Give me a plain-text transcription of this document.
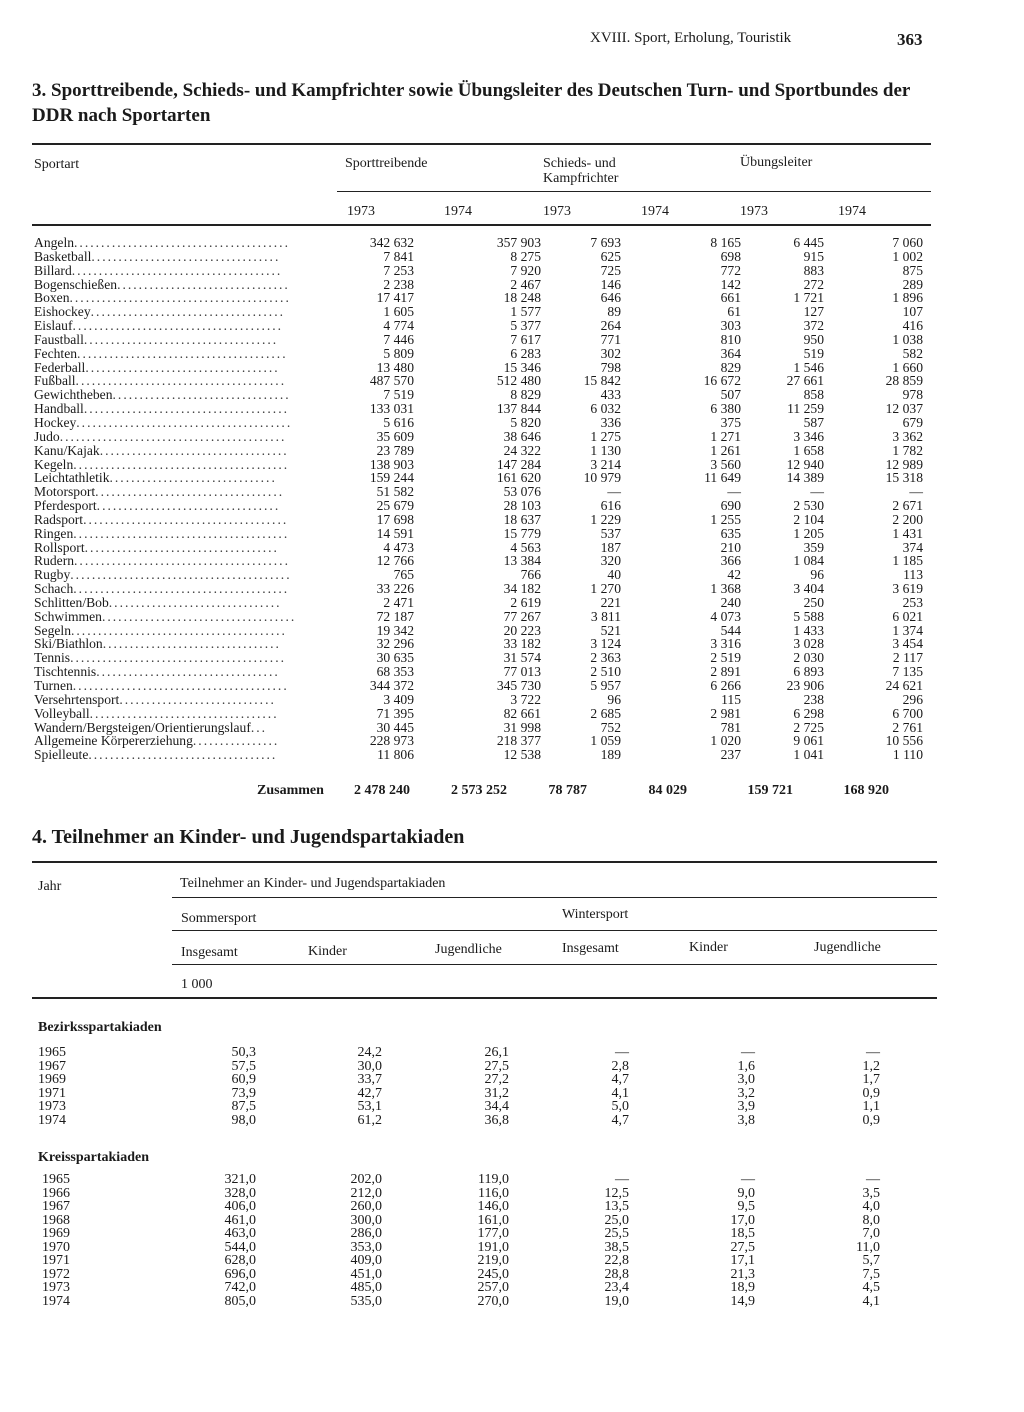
XVIII. Sport, Erholung, Touristik	363
3. Sporttreibende, Schieds- und Kampfrichter sowie Übungsleiter des Deutschen Turn- und Sportbundes der DDR nach Sportarten
Sportart	Sporttreibende	Schieds- und
Kampfrichter
Übungsleiter
1973	1974	1973	1974	1973	1974
Angeln........................................	342 632	357 903	7 693	8 165	6 445	7 060
Basketball...................................	7 841	8 275	625	698	915	1 002
Billard.......................................	7 253	7 920	725	772	883	875
Bogenschießen................................	2 238	2 467	146	142	272	289
Boxen.........................................	17 417	18 248	646	661	1 721	1 896
Eishockey....................................	1 605	1 577	89	61	127	107
Eislauf.......................................	4 774	5 377	264	303	372	416
Faustball....................................	7 446	7 617	771	810	950	1 038
Fechten.......................................	5 809	6 283	302	364	519	582
Federball....................................	13 480	15 346	798	829	1 546	1 660
Fußball.......................................	487 570	512 480	15 842	16 672	27 661	28 859
Gewichtheben.................................	7 519	8 829	433	507	858	978
Handball......................................	133 031	137 844	6 032	6 380	11 259	12 037
Hockey........................................	5 616	5 820	336	375	587	679
Judo..........................................	35 609	38 646	1 275	1 271	3 346	3 362
Kanu/Kajak...................................	23 789	24 322	1 130	1 261	1 658	1 782
Kegeln........................................	138 903	147 284	3 214	3 560	12 940	12 989
Leichtathletik...............................	159 244	161 620	10 979	11 649	14 389	15 318
Motorsport...................................	51 582	53 076	—	—	—	—
Pferdesport..................................	25 679	28 103	616	690	2 530	2 671
Radsport......................................	17 698	18 637	1 229	1 255	2 104	2 200
Ringen........................................	14 591	15 779	537	635	1 205	1 431
Rollsport....................................	4 473	4 563	187	210	359	374
Rudern........................................	12 766	13 384	320	366	1 084	1 185
Rugby.........................................	765	766	40	42	96	113
Schach........................................	33 226	34 182	1 270	1 368	3 404	3 619
Schlitten/Bob................................	2 471	2 619	221	240	250	253
Schwimmen....................................	72 187	77 267	3 811	4 073	5 588	6 021
Segeln........................................	19 342	20 223	521	544	1 433	1 374
Ski/Biathlon.................................	32 296	33 182	3 124	3 316	3 028	3 454
Tennis........................................	30 635	31 574	2 363	2 519	2 030	2 117
Tischtennis..................................	68 353	77 013	2 510	2 891	6 893	7 135
Turnen........................................	344 372	345 730	5 957	6 266	23 906	24 621
Versehrtensport.............................	3 409	3 722	96	115	238	296
Volleyball...................................	71 395	82 661	2 685	2 981	6 298	6 700
Wandern/Bergsteigen/Orientierungslauf...	30 445	31 998	752	781	2 725	2 761
Allgemeine Körpererziehung................	228 973	218 377	1 059	1 020	9 061	10 556
Spielleute...................................	11 806	12 538	189	237	1 041	1 110
Zusammen	2 478 240	2 573 252	78 787	84 029	159 721	168 920
4. Teilnehmer an Kinder- und Jugendspartakiaden
Jahr	Teilnehmer an Kinder- und Jugendspartakiaden
Sommersport	Wintersport
Insgesamt	Kinder	Jugendliche	Insgesamt	Kinder	Jugendliche
1 000
Bezirksspartakiaden
1965	50,3	24,2	26,1	—	—	—
1967	57,5	30,0	27,5	2,8	1,6	1,2
1969	60,9	33,7	27,2	4,7	3,0	1,7
1971	73,9	42,7	31,2	4,1	3,2	0,9
1973	87,5	53,1	34,4	5,0	3,9	1,1
1974	98,0	61,2	36,8	4,7	3,8	0,9
Kreisspartakiaden
1965	321,0	202,0	119,0	—	—	—
1966	328,0	212,0	116,0	12,5	9,0	3,5
1967	406,0	260,0	146,0	13,5	9,5	4,0
1968	461,0	300,0	161,0	25,0	17,0	8,0
1969	463,0	286,0	177,0	25,5	18,5	7,0
1970	544,0	353,0	191,0	38,5	27,5	11,0
1971	628,0	409,0	219,0	22,8	17,1	5,7
1972	696,0	451,0	245,0	28,8	21,3	7,5
1973	742,0	485,0	257,0	23,4	18,9	4,5
1974	805,0	535,0	270,0	19,0	14,9	4,1
